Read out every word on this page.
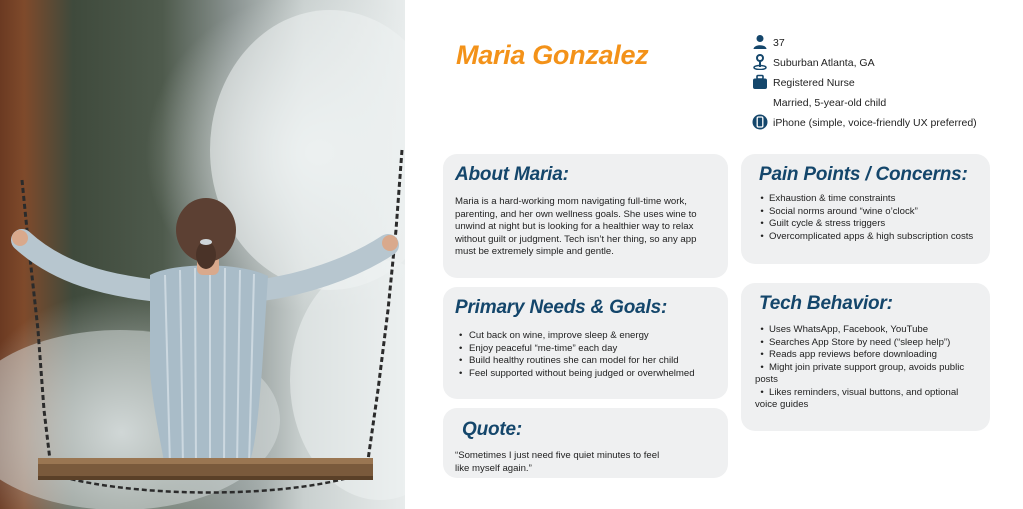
Maria Gonzalez	37
Suburban Atlanta, GA
Registered Nurse
Married, 5-year-old child
iPhone (simple, voice-friendly UX preferred)
About Maria:

Maria is a hard-working mom navigating full-time work, parenting, and her own wellness goals. She uses wine to unwind at night but is looking for a healthier way to relax without guilt or judgment. Tech isn’t her thing, so any app must be extremely simple and gentle.

Primary Needs & Goals:
• Cut back on wine, improve sleep & energy
• Enjoy peaceful “me-time” each day
• Build healthy routines she can model for her child
• Feel supported without being judged or overwhelmed
Quote:

“Sometimes I just need five quiet minutes to feel like myself again.”

Pain Points / Concerns:
• Exhaustion & time constraints
• Social norms around “wine o’clock”
• Guilt cycle & stress triggers
• Overcomplicated apps & high subscription costs
Tech Behavior:
• Uses WhatsApp, Facebook, YouTube
• Searches App Store by need (“sleep help”)
• Reads app reviews before downloading
• Might join private support group, avoids public posts
• Likes reminders, visual buttons, and optional voice guides
